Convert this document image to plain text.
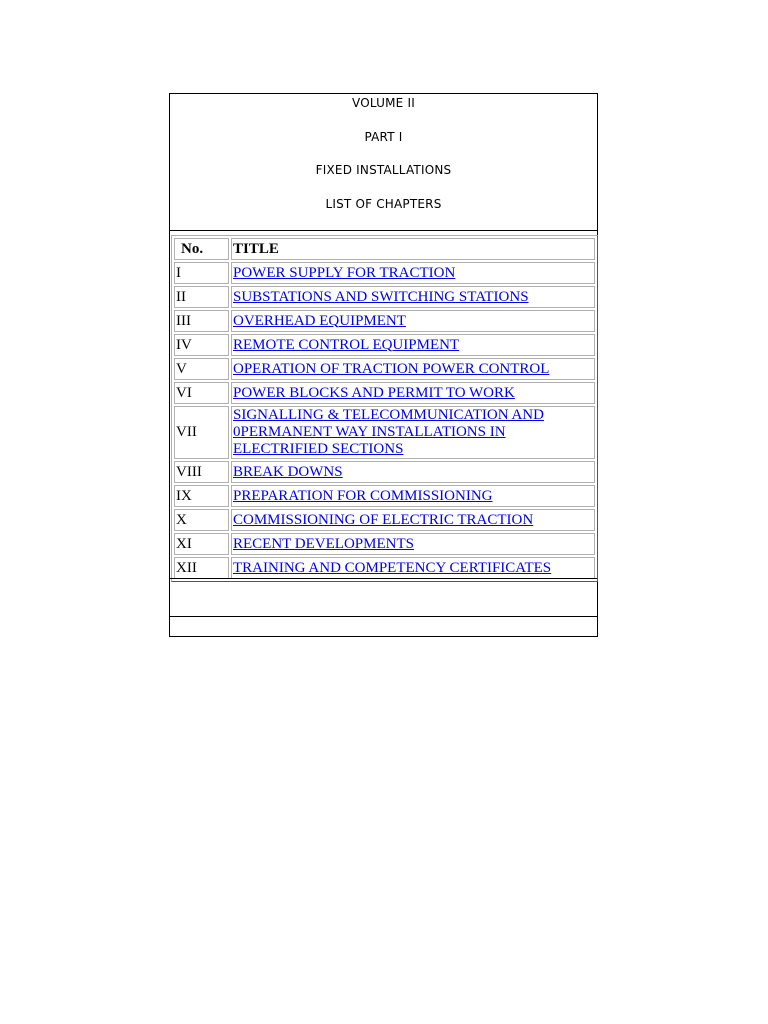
VOLUME II
PART I
FIXED INSTALLATIONS
LIST OF CHAPTERS
No.	TITLE
I	POWER SUPPLY FOR TRACTION
II	SUBSTATIONS AND SWITCHING STATIONS
III	OVERHEAD EQUIPMENT
IV	REMOTE CONTROL EQUIPMENT
V	OPERATION OF TRACTION POWER CONTROL
VI	POWER BLOCKS AND PERMIT TO WORK
VII	SIGNALLING & TELECOMMUNICATION AND 0PERMANENT WAY INSTALLATIONS IN ELECTRIFIED SECTIONS
VIII	BREAK DOWNS
IX	PREPARATION FOR COMMISSIONING
X	COMMISSIONING OF ELECTRIC TRACTION
XI	RECENT DEVELOPMENTS
XII	TRAINING AND COMPETENCY CERTIFICATES
